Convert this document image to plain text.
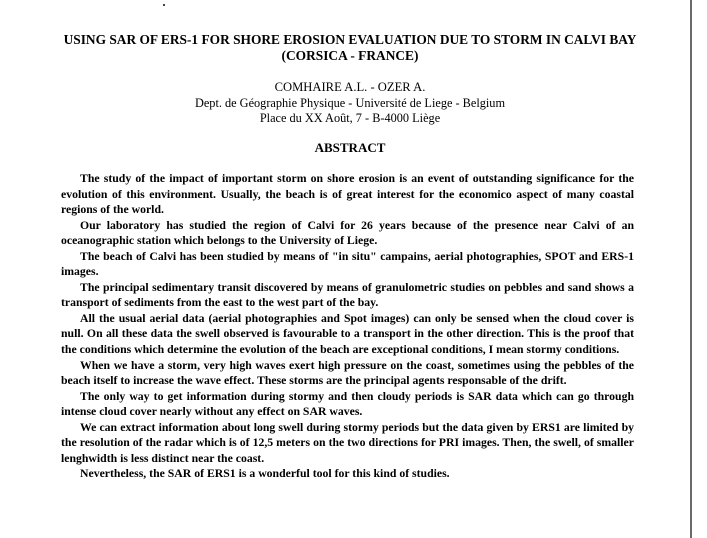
USING SAR OF ERS-1 FOR SHORE EROSION EVALUATION DUE TO STORM IN CALVI BAY (CORSICA - FRANCE)
COMHAIRE A.L. - OZER A.
Dept. de Géographie Physique - Université de Liege - Belgium
Place du XX Août, 7 - B-4000 Liège
ABSTRACT

The study of the impact of important storm on shore erosion is an event of outstanding significance for the evolution of this environment. Usually, the beach is of great interest for the economico aspect of many coastal regions of the world.

Our laboratory has studied the region of Calvi for 26 years because of the presence near Calvi of an oceanographic station which belongs to the University of Liege.

The beach of Calvi has been studied by means of "in situ" campains, aerial photographies, SPOT and ERS-1 images.

The principal sedimentary transit discovered by means of granulometric studies on pebbles and sand shows a transport of sediments from the east to the west part of the bay.

All the usual aerial data (aerial photographies and Spot images) can only be sensed when the cloud cover is null. On all these data the swell observed is favourable to a transport in the other direction. This is the proof that the conditions which determine the evolution of the beach are exceptional conditions, I mean stormy conditions.

When we have a storm, very high waves exert high pressure on the coast, sometimes using the pebbles of the beach itself to increase the wave effect. These storms are the principal agents responsable of the drift.

The only way to get information during stormy and then cloudy periods is SAR data which can go through intense cloud cover nearly without any effect on SAR waves.

We can extract information about long swell during stormy periods but the data given by ERS1 are limited by the resolution of the radar which is of 12,5 meters on the two directions for PRI images. Then, the swell, of smaller lenghwidth is less distinct near the coast.

Nevertheless, the SAR of ERS1 is a wonderful tool for this kind of studies.
